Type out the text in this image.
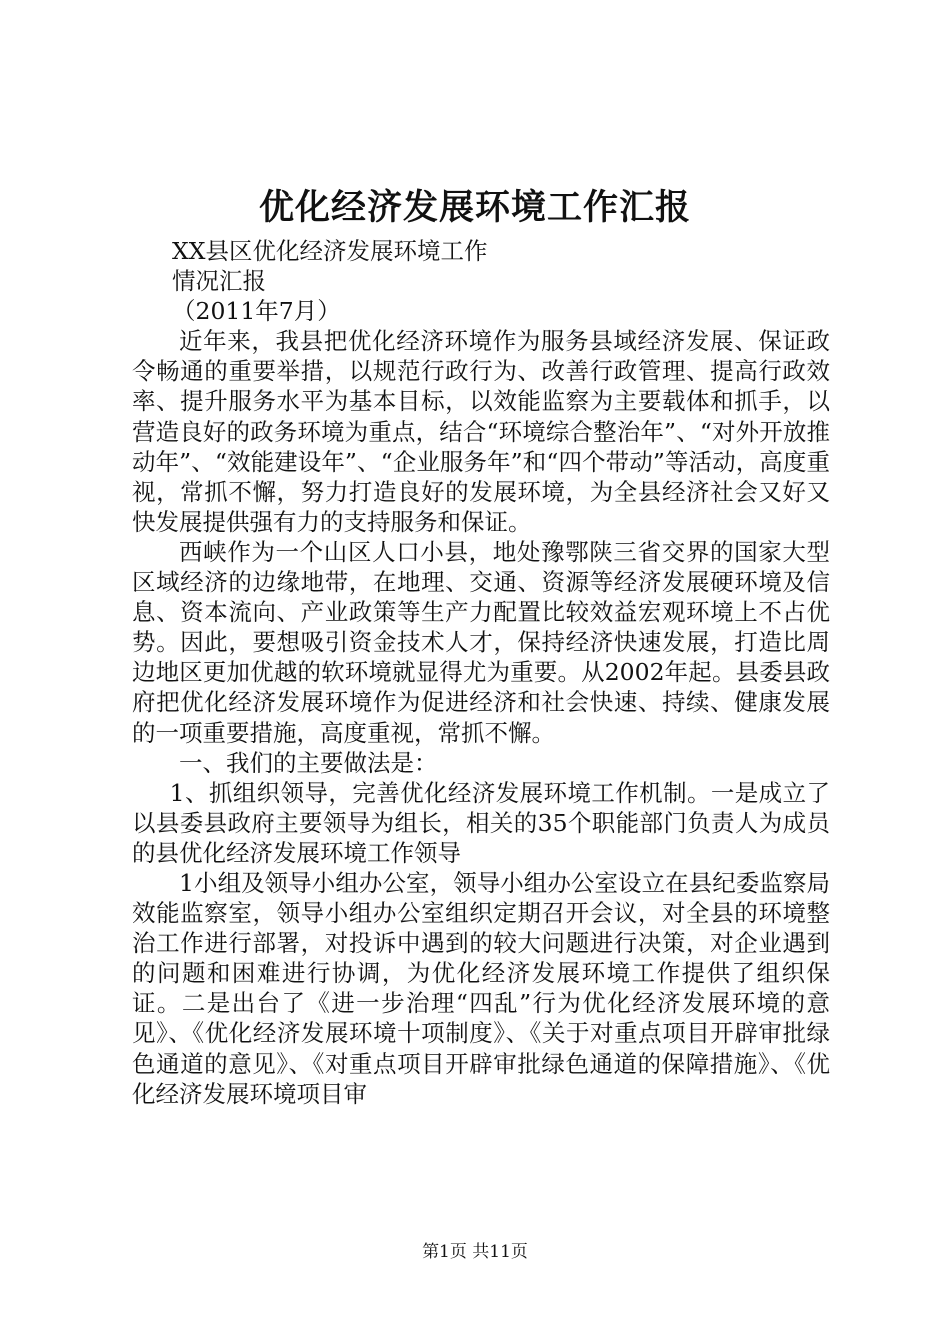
优化经济发展环境工作汇报

XX县区优化经济发展环境工作

情况汇报

（2011年7月）

近年来，我县把优化经济环境作为服务县域经济发展、保证政令畅通的重要举措，以规范行政行为、改善行政管理、提高行政效率、提升服务水平为基本目标，以效能监察为主要载体和抓手，以营造良好的政务环境为重点，结合“环境综合整治年”、“对外开放推动年”、“效能建设年”、“企业服务年”和“四个带动”等活动，高度重视，常抓不懈，努力打造良好的发展环境，为全县经济社会又好又快发展提供强有力的支持服务和保证。

西峡作为一个山区人口小县，地处豫鄂陕三省交界的国家大型区域经济的边缘地带，在地理、交通、资源等经济发展硬环境及信息、资本流向、产业政策等生产力配置比较效益宏观环境上不占优势。因此，要想吸引资金技术人才，保持经济快速发展，打造比周边地区更加优越的软环境就显得尤为重要。从2002年起。县委县政府把优化经济发展环境作为促进经济和社会快速、持续、健康发展的一项重要措施，高度重视，常抓不懈。

一、我们的主要做法是：

1、抓组织领导，完善优化经济发展环境工作机制。一是成立了以县委县政府主要领导为组长，相关的35个职能部门负责人为成员的县优化经济发展环境工作领导

1小组及领导小组办公室，领导小组办公室设立在县纪委监察局效能监察室，领导小组办公室组织定期召开会议，对全县的环境整治工作进行部署，对投诉中遇到的较大问题进行决策，对企业遇到的问题和困难进行协调，为优化经济发展环境工作提供了组织保证。二是出台了《进一步治理“四乱”行为优化经济发展环境的意见》、《优化经济发展环境十项制度》、《关于对重点项目开辟审批绿色通道的意见》、《对重点项目开辟审批绿色通道的保障措施》、《优化经济发展环境项目审

第1页 共11页
